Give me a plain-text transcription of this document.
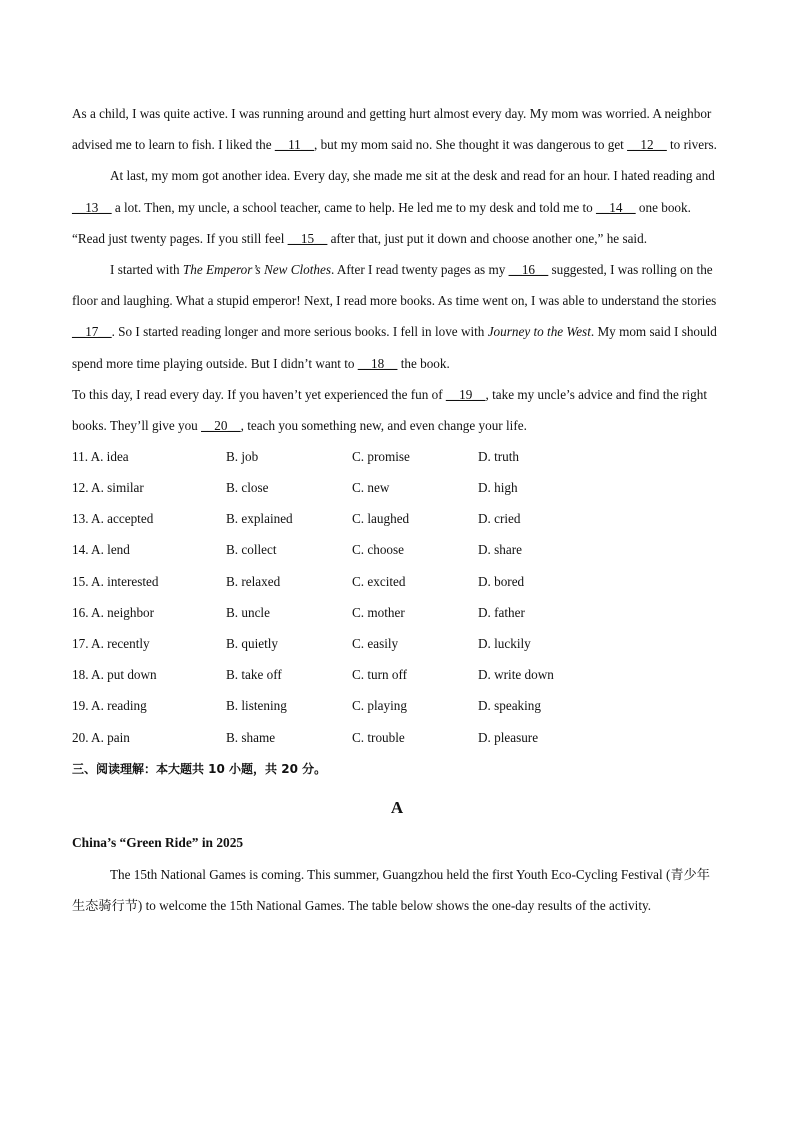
As a child, I was quite active. I was running around and getting hurt almost every day. My mom was worried. A neighbor advised me to learn to fish. I liked the __11__, but my mom said no. She thought it was dangerous to get __12__ to rivers.

At last, my mom got another idea. Every day, she made me sit at the desk and read for an hour. I hated reading and __13__ a lot. Then, my uncle, a school teacher, came to help. He led me to my desk and told me to __14__ one book. “Read just twenty pages. If you still feel __15__ after that, just put it down and choose another one,” he said.

I started with The Emperor’s New Clothes. After I read twenty pages as my __16__ suggested, I was rolling on the floor and laughing. What a stupid emperor! Next, I read more books. As time went on, I was able to understand the stories __17__. So I started reading longer and more serious books. I fell in love with Journey to the West. My mom said I should spend more time playing outside. But I didn’t want to __18__ the book.

To this day, I read every day. If you haven’t yet experienced the fun of __19__, take my uncle’s advice and find the right books. They’ll give you __20__, teach you something new, and even change your life.

11. A. idea	B. job	C. promise	D. truth
12. A. similar	B. close	C. new	D. high
13. A. accepted	B. explained	C. laughed	D. cried
14. A. lend	B. collect	C. choose	D. share
15. A. interested	B. relaxed	C. excited	D. bored
16. A. neighbor	B. uncle	C. mother	D. father
17. A. recently	B. quietly	C. easily	D. luckily
18. A. put down	B. take off	C. turn off	D. write down
19. A. reading	B. listening	C. playing	D. speaking
20. A. pain	B. shame	C. trouble	D. pleasure
三、阅读理解：本大题共 10 小题，共 20 分。
A
China’s “Green Ride” in 2025

The 15th National Games is coming. This summer, Guangzhou held the first Youth Eco-Cycling Festival (青少年生态骑行节) to welcome the 15th National Games. The table below shows the one-day results of the activity.
